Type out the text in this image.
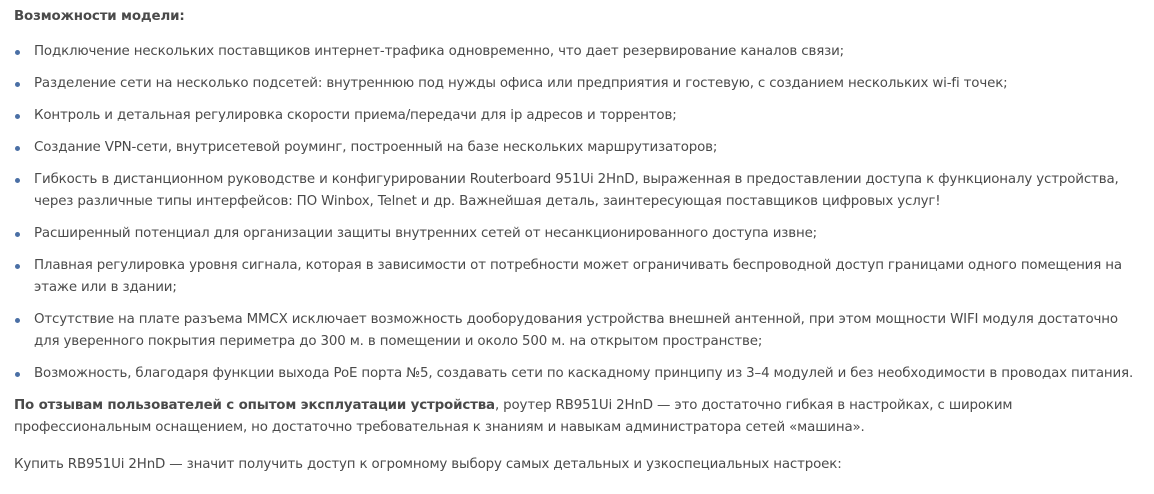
Возможности модели:

Подключение нескольких поставщиков интернет-трафика одновременно, что дает резервирование каналов связи;
Разделение сети на несколько подсетей: внутреннюю под нужды офиса или предприятия и гостевую, с созданием нескольких wi-fi точек;
Контроль и детальная регулировка скорости приема/передачи для ip адресов и торрентов;
Создание VPN-сети, внутрисетевой роуминг, построенный на базе нескольких маршрутизаторов;
Гибкость в дистанционном руководстве и конфигурировании Routerboard 951Ui 2HnD, выраженная в предоставлении доступа к функционалу устройства, через различные типы интерфейсов: ПО Winbox, Telnet и др. Важнейшая деталь, заинтересующая поставщиков цифровых услуг!
Расширенный потенциал для организации защиты внутренних сетей от несанкционированного доступа извне;
Плавная регулировка уровня сигнала, которая в зависимости от потребности может ограничивать беспроводной доступ границами одного помещения на этаже или в здании;
Отсутствие на плате разъема MMCX исключает возможность дооборудования устройства внешней антенной, при этом мощности WIFI модуля достаточно для уверенного покрытия периметра до 300 м. в помещении и около 500 м. на открытом пространстве;
Возможность, благодаря функции выхода PoE порта №5, создавать сети по каскадному принципу из 3–4 модулей и без необходимости в проводах питания.

По отзывам пользователей с опытом эксплуатации устройства, роутер RB951Ui 2HnD — это достаточно гибкая в настройках, с широким профессиональным оснащением, но достаточно требовательная к знаниям и навыкам администратора сетей «машина».

Купить RB951Ui 2HnD — значит получить доступ к огромному выбору самых детальных и узкоспециальных настроек:
